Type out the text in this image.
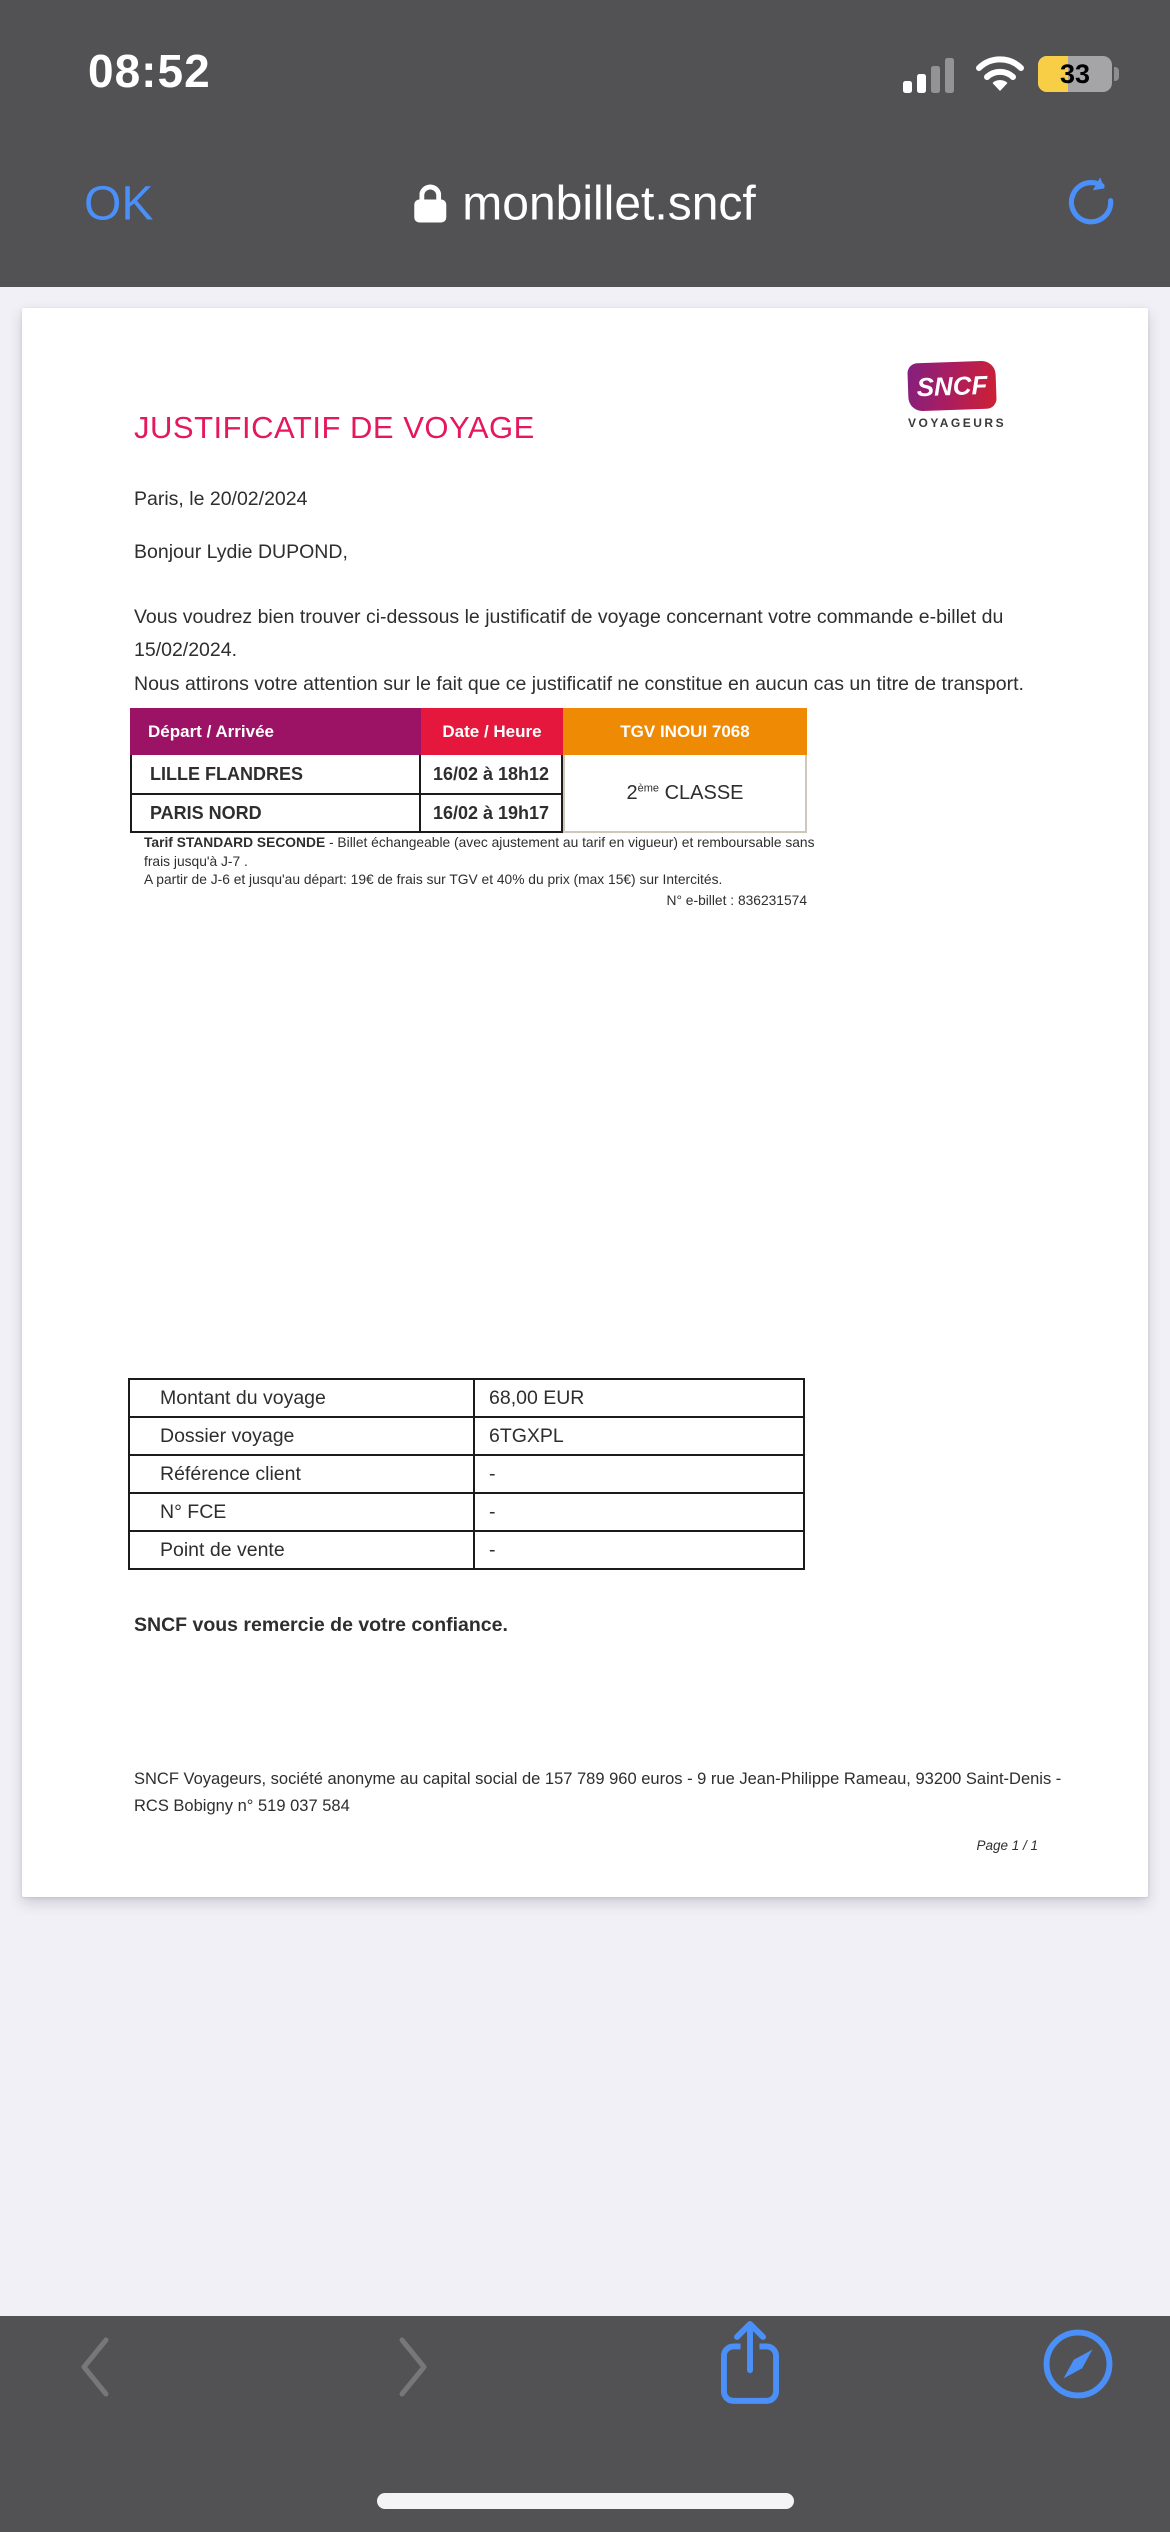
08:52	33
OK	monbillet.sncf
SNCF
VOYAGEURS
JUSTIFICATIF DE VOYAGE
Paris, le 20/02/2024
Bonjour Lydie DUPOND,
Vous voudrez bien trouver ci-dessous le justificatif de voyage concernant votre commande e-billet du 15/02/2024.
Nous attirons votre attention sur le fait que ce justificatif ne constitue en aucun cas un titre de transport.
Départ / Arrivée	Date / Heure	TGV INOUI 7068
LILLE FLANDRES	16/02 à 18h12
PARIS NORD	16/02 à 19h17
2ème CLASSE
Tarif STANDARD SECONDE - Billet échangeable (avec ajustement au tarif en vigueur) et remboursable sans frais jusqu'à J-7 .
A partir de J-6 et jusqu'au départ: 19€ de frais sur TGV et 40% du prix (max 15€) sur Intercités.
N° e-billet : 836231574
Montant du voyage	68,00 EUR
Dossier voyage	6TGXPL
Référence client	-
N° FCE	-
Point de vente	-
SNCF vous remercie de votre confiance.
SNCF Voyageurs, société anonyme au capital social de 157 789 960 euros - 9 rue Jean-Philippe Rameau, 93200 Saint-Denis - RCS Bobigny n° 519 037 584
Page 1 / 1
